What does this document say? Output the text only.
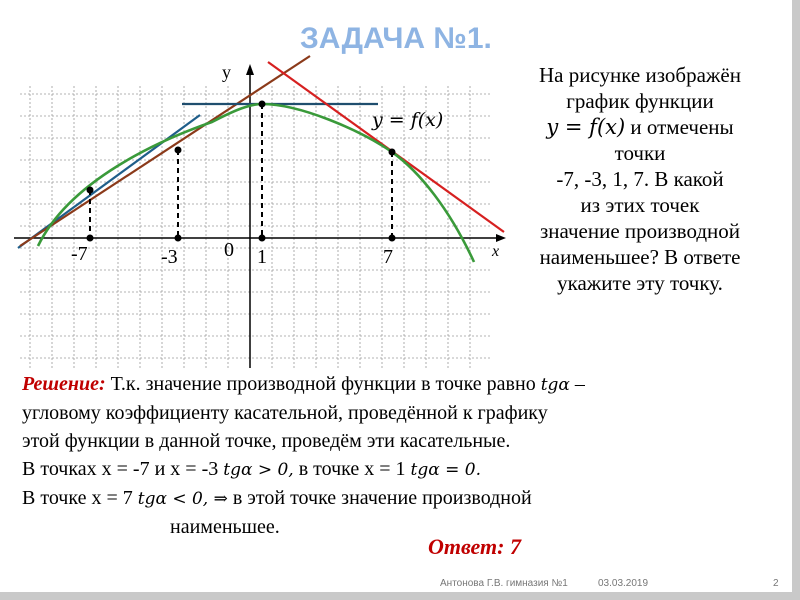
ЗАДАЧА №1.
-7	-3 0 1	7
y
x
y = f(x)
На рисунке изображён
график функции
y = f(x) и отмечены
точки
-7, -3, 1, 7. В какой
из этих точек
значение производной
наименьшее? В ответе
укажите эту точку.
Решение: Т.к. значение производной функции в точке равно tgα –
угловому коэффициенту касательной, проведённой к графику
этой функции в данной точке, проведём эти касательные.
В точках x = -7 и x = -3 tgα > 0, в точке x = 1 tgα = 0.
В точке x = 7 tgα < 0, ⇒ в этой точке значение производной
наименьшее.
Ответ: 7
Антонова Г.В. гимназия №1	03.03.2019	2
